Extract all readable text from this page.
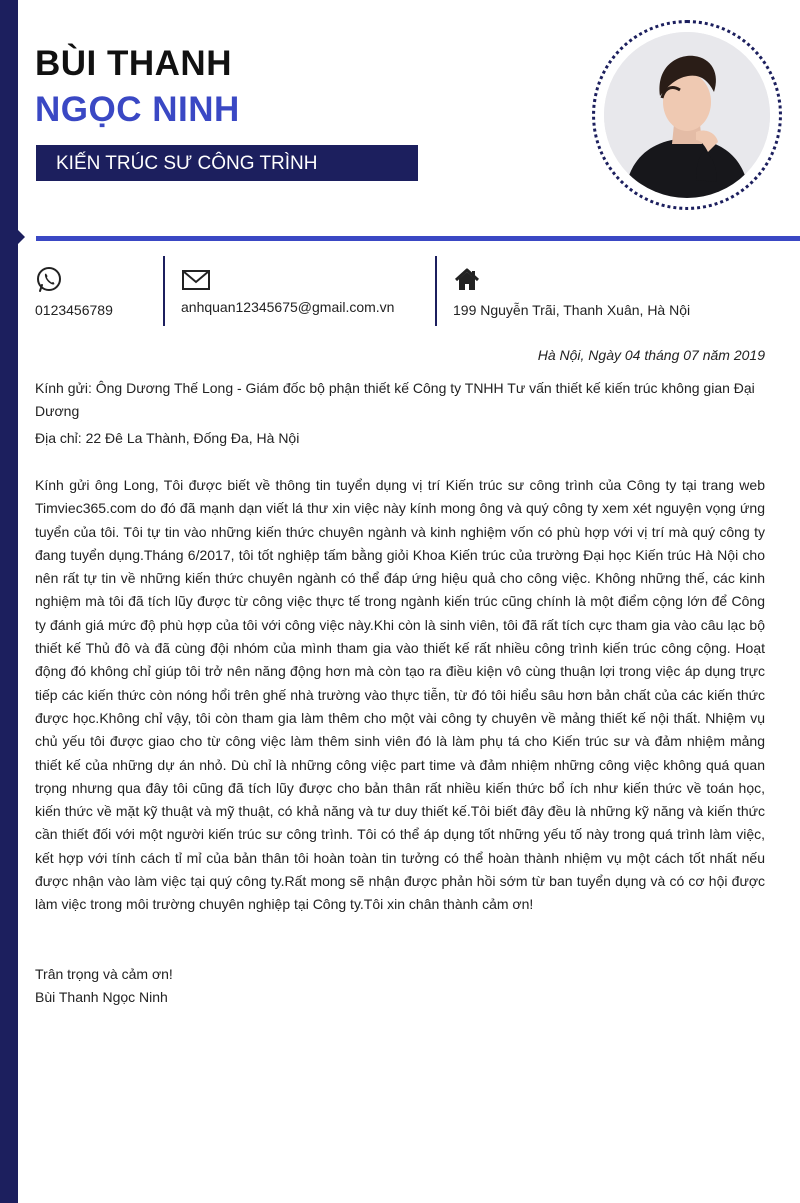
BÙI THANH
NGỌC NINH
KIẾN TRÚC SƯ CÔNG TRÌNH
0123456789	anhquan12345675@gmail.com.vn	199 Nguyễn Trãi, Thanh Xuân, Hà Nội
Hà Nội, Ngày 04 tháng 07 năm 2019

Kính gửi: Ông Dương Thế Long - Giám đốc bộ phận thiết kế Công ty TNHH Tư vấn thiết kế kiến trúc không gian Đại Dương

Địa chỉ: 22 Đê La Thành, Đống Đa, Hà Nội

Kính gửi ông Long, Tôi được biết về thông tin tuyển dụng vị trí Kiến trúc sư công trình của Công ty tại trang web Timviec365.com do đó đã mạnh dạn viết lá thư xin việc này kính mong ông và quý công ty xem xét nguyện vọng ứng tuyển của tôi. Tôi tự tin vào những kiến thức chuyên ngành và kinh nghiệm vốn có phù hợp với vị trí mà quý công ty đang tuyển dụng.Tháng 6/2017, tôi tốt nghiệp tấm bằng giỏi Khoa Kiến trúc của trường Đại học Kiến trúc Hà Nội cho nên rất tự tin về những kiến thức chuyên ngành có thể đáp ứng hiệu quả cho công việc. Không những thế, các kinh nghiệm mà tôi đã tích lũy được từ công việc thực tế trong ngành kiến trúc cũng chính là một điểm cộng lớn để Công ty đánh giá mức độ phù hợp của tôi với công việc này.Khi còn là sinh viên, tôi đã rất tích cực tham gia vào câu lạc bộ thiết kế Thủ đô và đã cùng đội nhóm của mình tham gia vào thiết kế rất nhiều công trình kiến trúc công cộng. Hoạt động đó không chỉ giúp tôi trở nên năng động hơn mà còn tạo ra điều kiện vô cùng thuận lợi trong việc áp dụng trực tiếp các kiến thức còn nóng hổi trên ghế nhà trường vào thực tiễn, từ đó tôi hiểu sâu hơn bản chất của các kiến thức được học.Không chỉ vậy, tôi còn tham gia làm thêm cho một vài công ty chuyên về mảng thiết kế nội thất. Nhiệm vụ chủ yếu tôi được giao cho từ công việc làm thêm sinh viên đó là làm phụ tá cho Kiến trúc sư và đảm nhiệm mảng thiết kế của những dự án nhỏ. Dù chỉ là những công việc part time và đảm nhiệm những công việc không quá quan trọng nhưng qua đây tôi cũng đã tích lũy được cho bản thân rất nhiều kiến thức bổ ích như kiến thức về toán học, kiến thức về mặt kỹ thuật và mỹ thuật, có khả năng và tư duy thiết kế.Tôi biết đây đều là những kỹ năng và kiến thức cần thiết đối với một người kiến trúc sư công trình. Tôi có thể áp dụng tốt những yếu tố này trong quá trình làm việc, kết hợp với tính cách tỉ mỉ của bản thân tôi hoàn toàn tin tưởng có thể hoàn thành nhiệm vụ một cách tốt nhất nếu được nhận vào làm việc tại quý công ty.Rất mong sẽ nhận được phản hồi sớm từ ban tuyển dụng và có cơ hội được làm việc trong môi trường chuyên nghiệp tại Công ty.Tôi xin chân thành cảm ơn!

Trân trọng và cảm ơn!

Bùi Thanh Ngọc Ninh
